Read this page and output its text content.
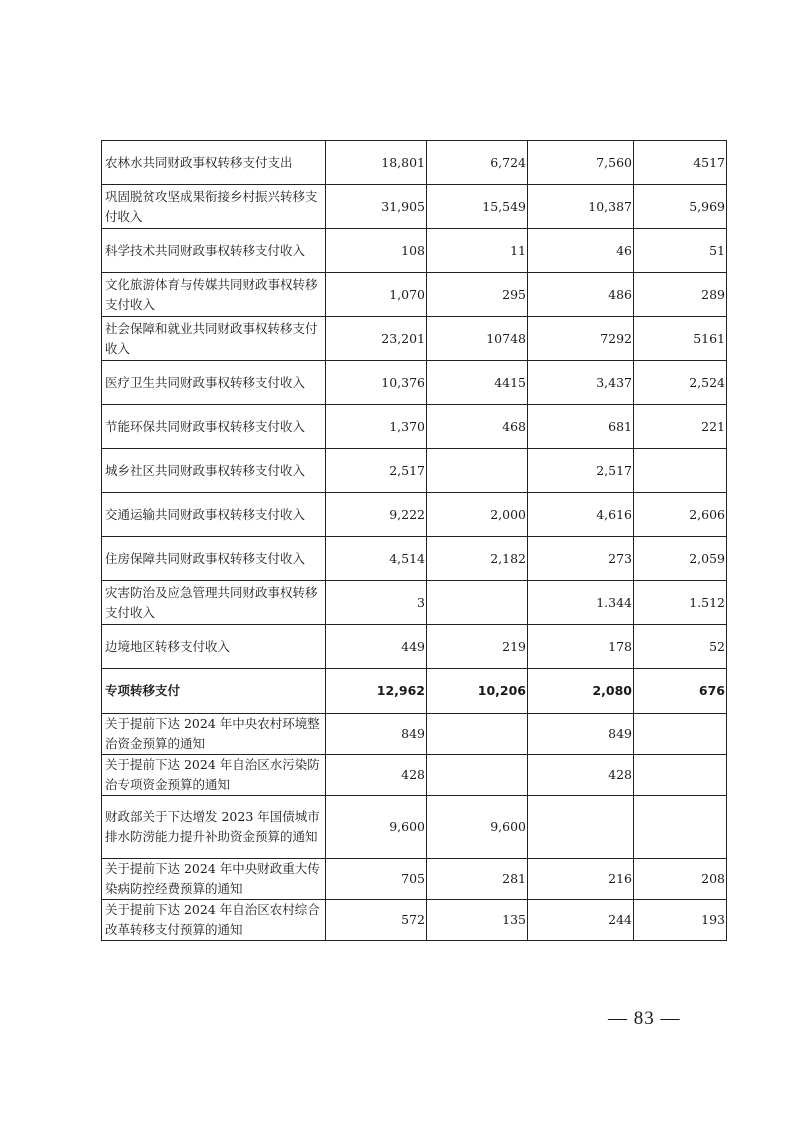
农林水共同财政事权转移支付支出	18,801	6,724	7,560	4517
巩固脱贫攻坚成果衔接乡村振兴转移支付收入	31,905	15,549	10,387	5,969
科学技术共同财政事权转移支付收入	108	11	46	51
文化旅游体育与传媒共同财政事权转移支付收入	1,070	295	486	289
社会保障和就业共同财政事权转移支付收入	23,201	10748	7292	5161
医疗卫生共同财政事权转移支付收入	10,376	4415	3,437	2,524
节能环保共同财政事权转移支付收入	1,370	468	681	221
城乡社区共同财政事权转移支付收入	2,517		2,517	
交通运输共同财政事权转移支付收入	9,222	2,000	4,616	2,606
住房保障共同财政事权转移支付收入	4,514	2,182	273	2,059
灾害防治及应急管理共同财政事权转移支付收入	3		1.344	1.512
边境地区转移支付收入	449	219	178	52
专项转移支付	12,962	10,206	2,080	676
关于提前下达 2024 年中央农村环境整治资金预算的通知	849		849	
关于提前下达 2024 年自治区水污染防治专项资金预算的通知	428		428	
财政部关于下达增发 2023 年国债城市排水防涝能力提升补助资金预算的通知	9,600	9,600		
关于提前下达 2024 年中央财政重大传染病防控经费预算的通知	705	281	216	208
关于提前下达 2024 年自治区农村综合改革转移支付预算的通知	572	135	244	193
— 83 —
